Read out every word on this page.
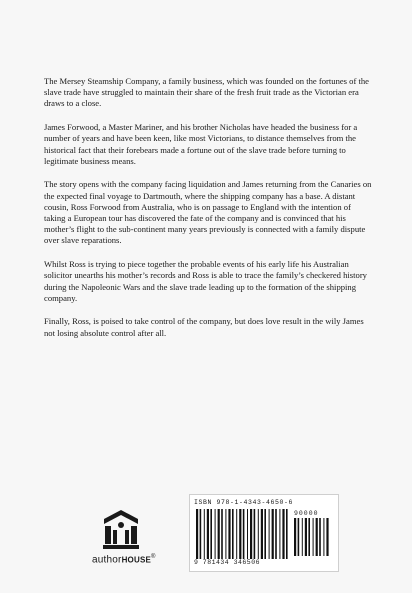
The Mersey Steamship Company, a family business, which was founded on the fortunes of the slave trade have struggled to maintain their share of the fresh fruit trade as the Victorian era draws to a close.

James Forwood, a Master Mariner, and his brother Nicholas have headed the business for a number of years and have been keen, like most Victorians, to distance themselves from the historical fact that their forebears made a fortune out of the slave trade before turning to legitimate business means.

The story opens with the company facing liquidation and James returning from the Canaries on the expected final voyage to Dartmouth, where the shipping company has a base. A distant cousin, Ross Forwood from Australia, who is on passage to England with the intention of taking a European tour has discovered the fate of the company and is convinced that his mother’s flight to the sub-continent many years previously is connected with a family dispute over slave reparations.

Whilst Ross is trying to piece together the probable events of his early life his Australian solicitor unearths his mother’s records and Ross is able to trace the family’s checkered history during the Napoleonic Wars and the slave trade leading up to the formation of the shipping company.

Finally, Ross, is poised to take control of the company, but does love result in the wily James not losing absolute control after all.

authorHOUSE®
ISBN 978-1-4343-4650-6
90000
9 781434 346506
